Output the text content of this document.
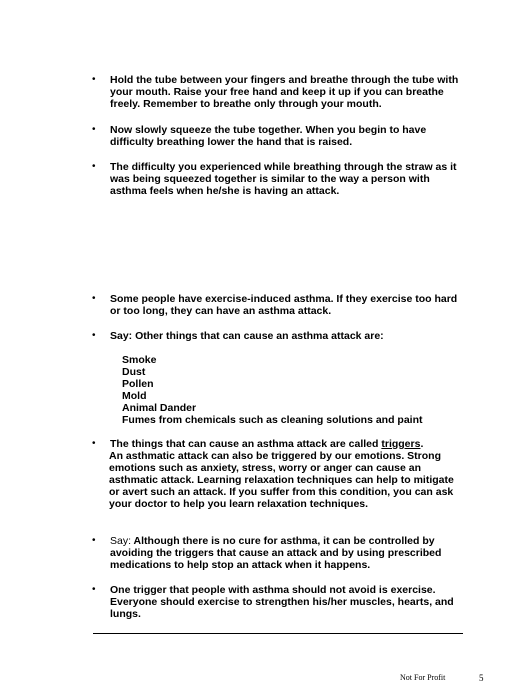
• Hold the tube between your fingers and breathe through the tube with
your mouth. Raise your free hand and keep it up if you can breathe
freely. Remember to breathe only through your mouth.
• Now slowly squeeze the tube together. When you begin to have
difficulty breathing lower the hand that is raised.
• The difficulty you experienced while breathing through the straw as it
was being squeezed together is similar to the way a person with
asthma feels when he/she is having an attack.
• Some people have exercise-induced asthma. If they exercise too hard
or too long, they can have an asthma attack.
• Say: Other things that can cause an asthma attack are:
Smoke
Dust
Pollen
Mold
Animal Dander
Fumes from chemicals such as cleaning solutions and paint
• The things that can cause an asthma attack are called triggers.
An asthmatic attack can also be triggered by our emotions. Strong
emotions such as anxiety, stress, worry or anger can cause an
asthmatic attack. Learning relaxation techniques can help to mitigate
or avert such an attack. If you suffer from this condition, you can ask
your doctor to help you learn relaxation techniques.
• Say: Although there is no cure for asthma, it can be controlled by
avoiding the triggers that cause an attack and by using prescribed
medications to help stop an attack when it happens.
• One trigger that people with asthma should not avoid is exercise.
Everyone should exercise to strengthen his/her muscles, hearts, and
lungs.
Not For Profit	5
